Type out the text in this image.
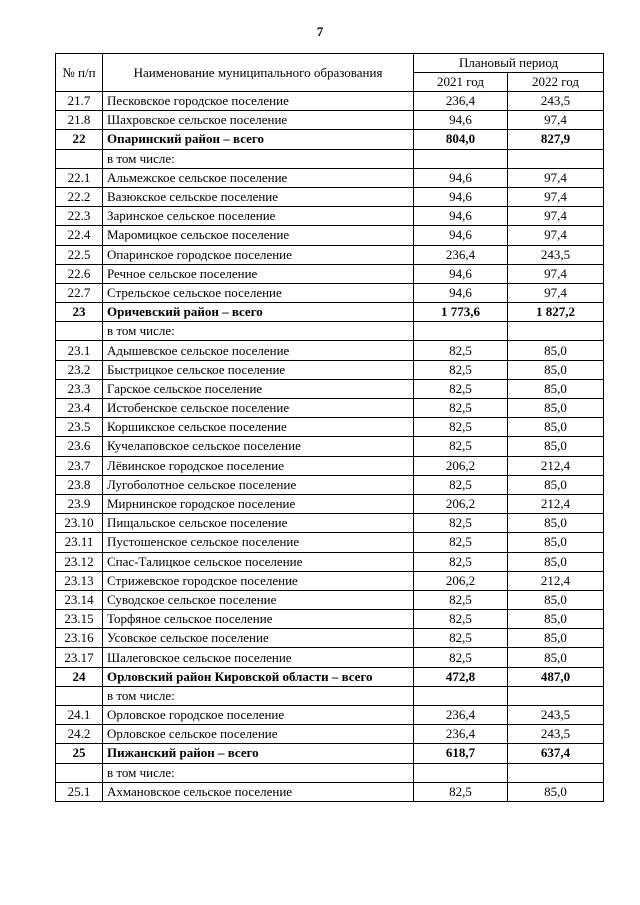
7
№ п/п	Наименование муниципального образования	Плановый период	
		2021 год	2022 год
21.7	Песковское городское поселение	236,4	243,5
21.8	Шахровское сельское поселение	94,6	97,4
22	Опаринский район – всего	804,0	827,9
	в том числе:		
22.1	Альмежское сельское поселение	94,6	97,4
22.2	Вазюкское сельское поселение	94,6	97,4
22.3	Заринское сельское поселение	94,6	97,4
22.4	Маромицкое сельское поселение	94,6	97,4
22.5	Опаринское городское поселение	236,4	243,5
22.6	Речное сельское поселение	94,6	97,4
22.7	Стрельское сельское поселение	94,6	97,4
23	Оричевский район – всего	1 773,6	1 827,2
	в том числе:		
23.1	Адышевское сельское поселение	82,5	85,0
23.2	Быстрицкое сельское поселение	82,5	85,0
23.3	Гарское сельское поселение	82,5	85,0
23.4	Истобенское сельское поселение	82,5	85,0
23.5	Коршикское сельское поселение	82,5	85,0
23.6	Кучелаповское сельское поселение	82,5	85,0
23.7	Лёвинское городское поселение	206,2	212,4
23.8	Лугоболотное сельское поселение	82,5	85,0
23.9	Мирнинское городское поселение	206,2	212,4
23.10	Пищальское сельское поселение	82,5	85,0
23.11	Пустошенское сельское поселение	82,5	85,0
23.12	Спас-Талицкое сельское поселение	82,5	85,0
23.13	Стрижевское городское поселение	206,2	212,4
23.14	Суводское сельское поселение	82,5	85,0
23.15	Торфяное сельское поселение	82,5	85,0
23.16	Усовское сельское поселение	82,5	85,0
23.17	Шалеговское сельское поселение	82,5	85,0
24	Орловский район Кировской области – всего	472,8	487,0
	в том числе:		
24.1	Орловское городское поселение	236,4	243,5
24.2	Орловское сельское поселение	236,4	243,5
25	Пижанский район – всего	618,7	637,4
	в том числе:		
25.1	Ахмановское сельское поселение	82,5	85,0
